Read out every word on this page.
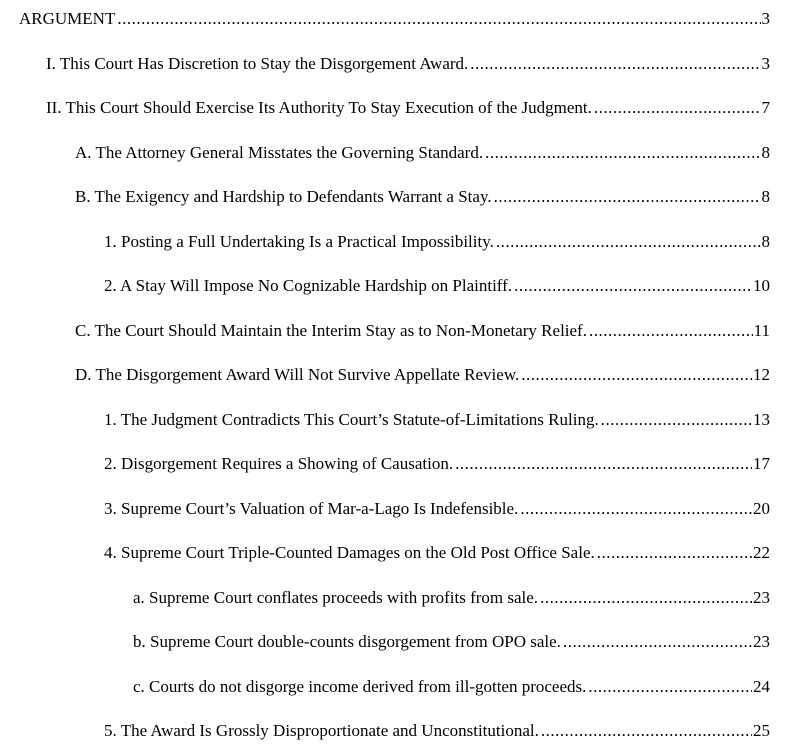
ARGUMENT .....	3
I. This Court Has Discretion to Stay the Disgorgement Award. .....	3
II. This Court Should Exercise Its Authority To Stay Execution of the Judgment. .....	7
A. The Attorney General Misstates the Governing Standard. .....	8
B. The Exigency and Hardship to Defendants Warrant a Stay. .....	8
1. Posting a Full Undertaking Is a Practical Impossibility. .....	8
2. A Stay Will Impose No Cognizable Hardship on Plaintiff. .....	10
C. The Court Should Maintain the Interim Stay as to Non-Monetary Relief. .....	11
D. The Disgorgement Award Will Not Survive Appellate Review. .....	12
1. The Judgment Contradicts This Court’s Statute-of-Limitations Ruling. .....	13
2. Disgorgement Requires a Showing of Causation. .....	17
3. Supreme Court’s Valuation of Mar-a-Lago Is Indefensible. .....	20
4. Supreme Court Triple-Counted Damages on the Old Post Office Sale. .....	22
a. Supreme Court conflates proceeds with profits from sale. .....	23
b. Supreme Court double-counts disgorgement from OPO sale. .....	23
c. Courts do not disgorge income derived from ill-gotten proceeds. .....	24
5. The Award Is Grossly Disproportionate and Unconstitutional. .....	25
